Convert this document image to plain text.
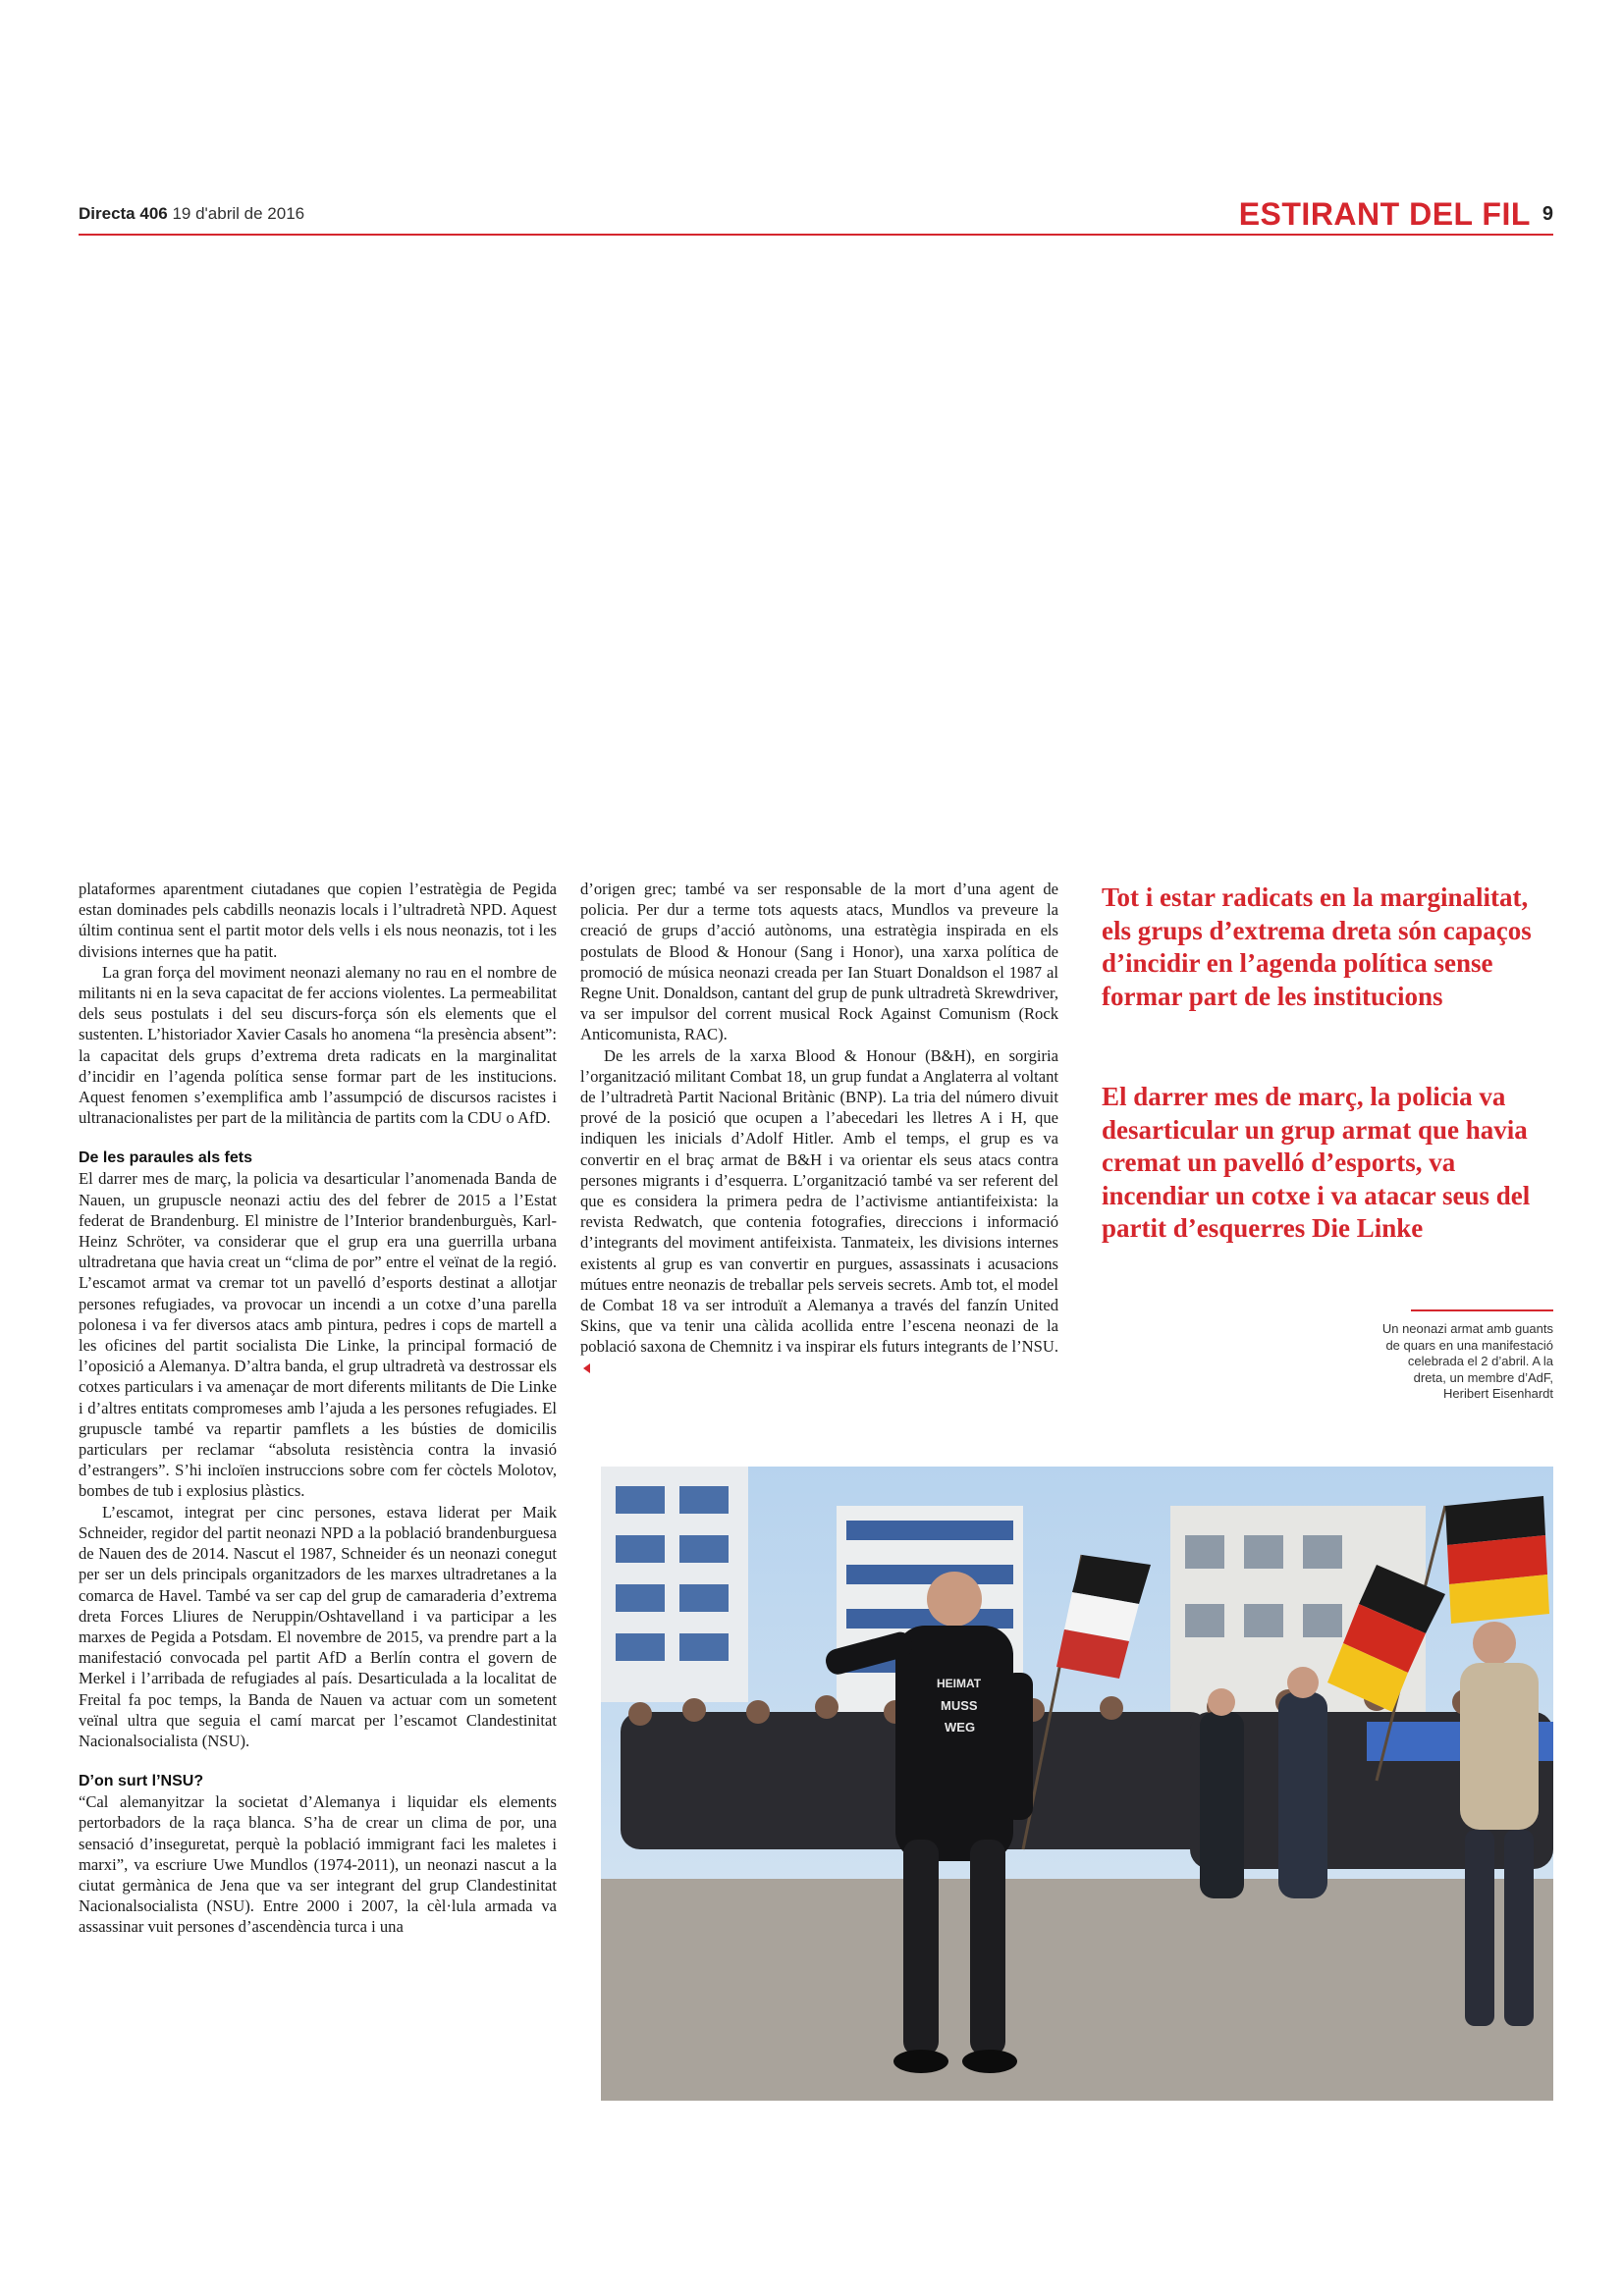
Directa 406 19 d'abril de 2016	ESTIRANT DEL FIL 9

plataformes aparentment ciutadanes que copien l’estratègia de Pegida estan dominades pels cabdills neonazis locals i l’ultradretà NPD. Aquest últim continua sent el partit motor dels vells i els nous neonazis, tot i les divisions internes que ha patit.

La gran força del moviment neonazi alemany no rau en el nombre de militants ni en la seva capacitat de fer accions violentes. La permeabilitat dels seus postulats i del seu discurs-força són els elements que el sustenten. L’historiador Xavier Casals ho anomena “la presència absent”: la capacitat dels grups d’extrema dreta radicats en la marginalitat d’incidir en l’agenda política sense formar part de les institucions. Aquest fenomen s’exemplifica amb l’assumpció de discursos racistes i ultranacionalistes per part de la militància de partits com la CDU o AfD.

De les paraules als fets

El darrer mes de març, la policia va desarticular l’anomenada Banda de Nauen, un grupuscle neonazi actiu des del febrer de 2015 a l’Estat federat de Brandenburg. El ministre de l’Interior brandenburguès, Karl-Heinz Schröter, va considerar que el grup era una guerrilla urbana ultradretana que havia creat un “clima de por” entre el veïnat de la regió. L’escamot armat va cremar tot un pavelló d’esports destinat a allotjar persones refugiades, va provocar un incendi a un cotxe d’una parella polonesa i va fer diversos atacs amb pintura, pedres i cops de martell a les oficines del partit socialista Die Linke, la principal formació de l’oposició a Alemanya. D’altra banda, el grup ultradretà va destrossar els cotxes particulars i va amenaçar de mort diferents militants de Die Linke i d’altres entitats compromeses amb l’ajuda a les persones refugiades. El grupuscle també va repartir pamflets a les bústies de domicilis particulars per reclamar “absoluta resistència contra la invasió d’estrangers”. S’hi incloïen instruccions sobre com fer còctels Molotov, bombes de tub i explosius plàstics.

L’escamot, integrat per cinc persones, estava liderat per Maik Schneider, regidor del partit neonazi NPD a la població brandenburguesa de Nauen des de 2014. Nascut el 1987, Schneider és un neonazi conegut per ser un dels principals organitzadors de les marxes ultradretanes a la comarca de Havel. També va ser cap del grup de camaraderia d’extrema dreta Forces Lliures de Neruppin/Oshtavelland i va participar a les marxes de Pegida a Potsdam. El novembre de 2015, va prendre part a la manifestació convocada pel partit AfD a Berlín contra el govern de Merkel i l’arribada de refugiades al país. Desarticulada a la localitat de Freital fa poc temps, la Banda de Nauen va actuar com un sometent veïnal ultra que seguia el camí marcat per l’escamot Clandestinitat Nacionalsocialista (NSU).

D’on surt l’NSU?

“Cal alemanyitzar la societat d’Alemanya i liquidar els elements pertorbadors de la raça blanca. S’ha de crear un clima de por, una sensació d’inseguretat, perquè la població immigrant faci les maletes i marxi”, va escriure Uwe Mundlos (1974-2011), un neonazi nascut a la ciutat germànica de Jena que va ser integrant del grup Clandestinitat Nacionalsocialista (NSU). Entre 2000 i 2007, la cèl·lula armada va assassinar vuit persones d’ascendència turca i una

d’origen grec; també va ser responsable de la mort d’una agent de policia. Per dur a terme tots aquests atacs, Mundlos va preveure la creació de grups d’acció autònoms, una estratègia inspirada en els postulats de Blood & Honour (Sang i Honor), una xarxa política de promoció de música neonazi creada per Ian Stuart Donaldson el 1987 al Regne Unit. Donaldson, cantant del grup de punk ultradretà Skrewdriver, va ser impulsor del corrent musical Rock Against Comunism (Rock Anticomunista, RAC).

De les arrels de la xarxa Blood & Honour (B&H), en sorgiria l’organització militant Combat 18, un grup fundat a Anglaterra al voltant de l’ultradretà Partit Nacional Britànic (BNP). La tria del número divuit prové de la posició que ocupen a l’abecedari les lletres A i H, que indiquen les inicials d’Adolf Hitler. Amb el temps, el grup es va convertir en el braç armat de B&H i va orientar els seus atacs contra persones migrants i d’esquerra. L’organització també va ser referent del que es considera la primera pedra de l’activisme antiantifeixista: la revista Redwatch, que contenia fotografies, direccions i informació d’integrants del moviment antifeixista. Tanmateix, les divisions internes existents al grup es van convertir en purgues, assassinats i acusacions mútues entre neonazis de treballar pels serveis secrets. Amb tot, el model de Combat 18 va ser introduït a Alemanya a través del fanzín United Skins, que va tenir una càlida acollida entre l’escena neonazi de la població saxona de Chemnitz i va inspirar els futurs integrants de l’NSU.

Tot i estar radicats en la marginalitat, els grups d’extrema dreta són capaços d’incidir en l’agenda política sense formar part de les institucions
El darrer mes de març, la policia va desarticular un grup armat que havia cremat un pavelló d’esports, va incendiar un cotxe i va atacar seus del partit d’esquerres Die Linke
Un neonazi armat amb guants de quars en una manifestació celebrada el 2 d’abril. A la dreta, un membre d’AdF, Heribert Eisenhardt
HEIMAT
MUSS
WEG
